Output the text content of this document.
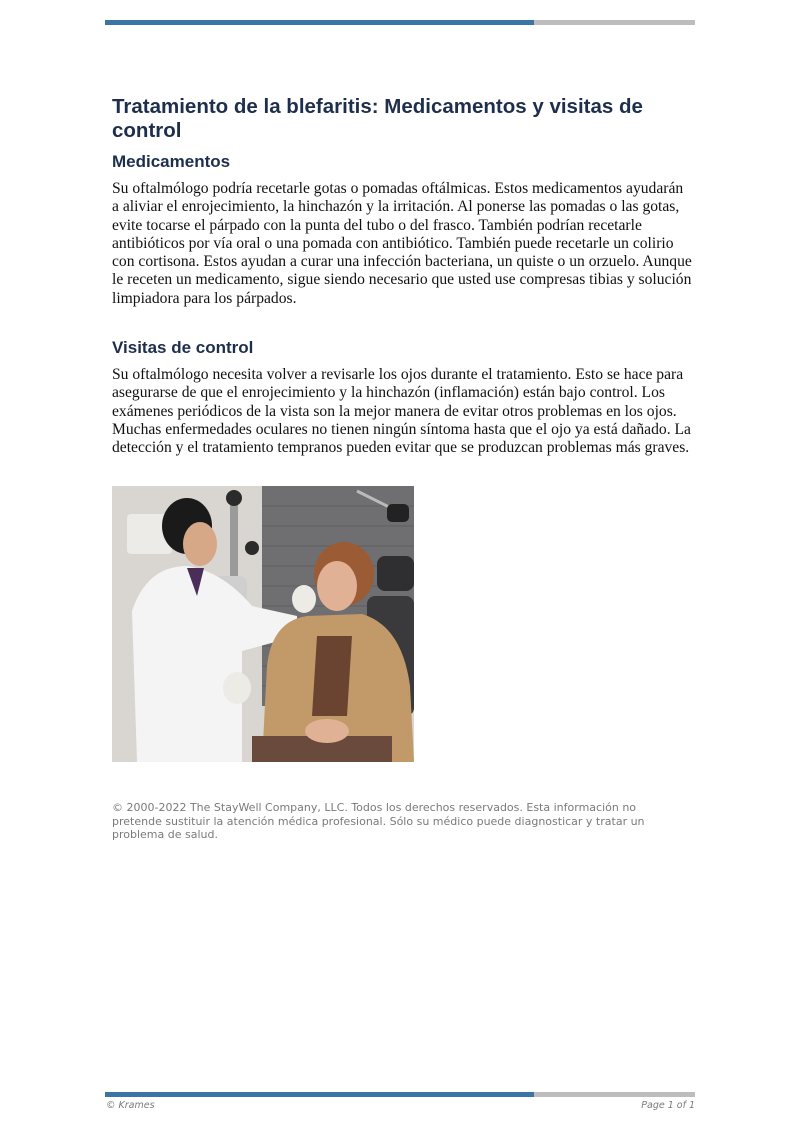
Tratamiento de la blefaritis: Medicamentos y visitas de control
Medicamentos

Su oftalmólogo podría recetarle gotas o pomadas oftálmicas. Estos medicamentos ayudarán a aliviar el enrojecimiento, la hinchazón y la irritación. Al ponerse las pomadas o las gotas, evite tocarse el párpado con la punta del tubo o del frasco. También podrían recetarle antibióticos por vía oral o una pomada con antibiótico. También puede recetarle un colirio con cortisona. Estos ayudan a curar una infección bacteriana, un quiste o un orzuelo. Aunque le receten un medicamento, sigue siendo necesario que usted use compresas tibias y solución limpiadora para los párpados.

Visitas de control

Su oftalmólogo necesita volver a revisarle los ojos durante el tratamiento. Esto se hace para asegurarse de que el enrojecimiento y la hinchazón (inflamación) están bajo control. Los exámenes periódicos de la vista son la mejor manera de evitar otros problemas en los ojos. Muchas enfermedades oculares no tienen ningún síntoma hasta que el ojo ya está dañado. La detección y el tratamiento tempranos pueden evitar que se produzcan problemas más graves.

© 2000-2022 The StayWell Company, LLC. Todos los derechos reservados. Esta información no pretende sustituir la atención médica profesional. Sólo su médico puede diagnosticar y tratar un problema de salud.

© Krames	Page 1 of 1
